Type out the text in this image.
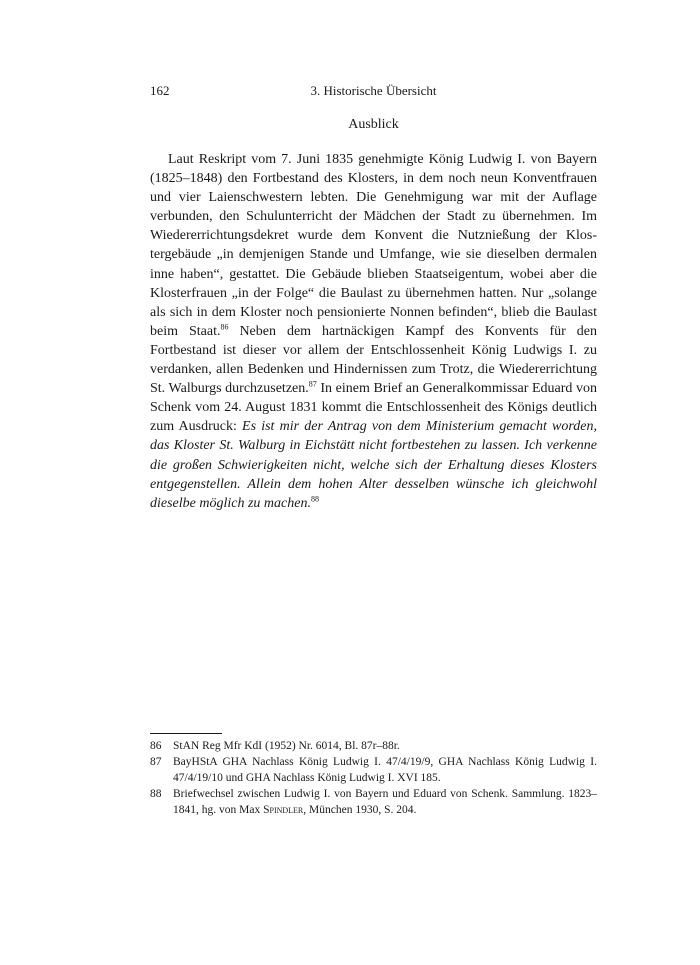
162	3. Historische Übersicht
Ausblick

Laut Reskript vom 7. Juni 1835 genehmigte König Ludwig I. von Bayern (1825–1848) den Fortbestand des Klosters, in dem noch neun Konventfrauen und vier Laienschwestern lebten. Die Genehmigung war mit der Auflage verbunden, den Schulunterricht der Mädchen der Stadt zu übernehmen. Im Wiedererrichtungsdekret wurde dem Konvent die Nutznießung der Klostergebäude „in demjenigen Stande und Umfange, wie sie dieselben dermalen inne haben“, gestattet. Die Gebäude blieben Staatseigentum, wobei aber die Klosterfrauen „in der Folge“ die Baulast zu übernehmen hatten. Nur „solange als sich in dem Kloster noch pensionierte Nonnen befinden“, blieb die Baulast beim Staat.$^{86}$ Neben dem hartnäckigen Kampf des Konvents für den Fortbestand ist dieser vor allem der Entschlossenheit König Ludwigs I. zu verdanken, allen Bedenken und Hindernissen zum Trotz, die Wiedererrichtung St. Walburgs durchzusetzen.$^{87}$ In einem Brief an Generalkommissar Eduard von Schenk vom 24. August 1831 kommt die Entschlossenheit des Königs deutlich zum Ausdruck: Es ist mir der Antrag von dem Ministerium gemacht worden, das Kloster St. Walburg in Eichstätt nicht fortbestehen zu lassen. Ich verkenne die großen Schwierigkeiten nicht, welche sich der Erhaltung dieses Klosters entgegenstellen. Allein dem hohen Alter desselben wünsche ich gleichwohl dieselbe möglich zu machen.$^{88}$

86 StAN Reg Mfr KdI (1952) Nr. 6014, Bl. 87r–88r.
87 BayHStA GHA Nachlass König Ludwig I. 47/4/19/9, GHA Nachlass König Ludwig I. 47/4/19/10 und GHA Nachlass König Ludwig I. XVI 185.
88 Briefwechsel zwischen Ludwig I. von Bayern und Eduard von Schenk. Sammlung. 1823–1841, hg. von Max Spindler, München 1930, S. 204.
